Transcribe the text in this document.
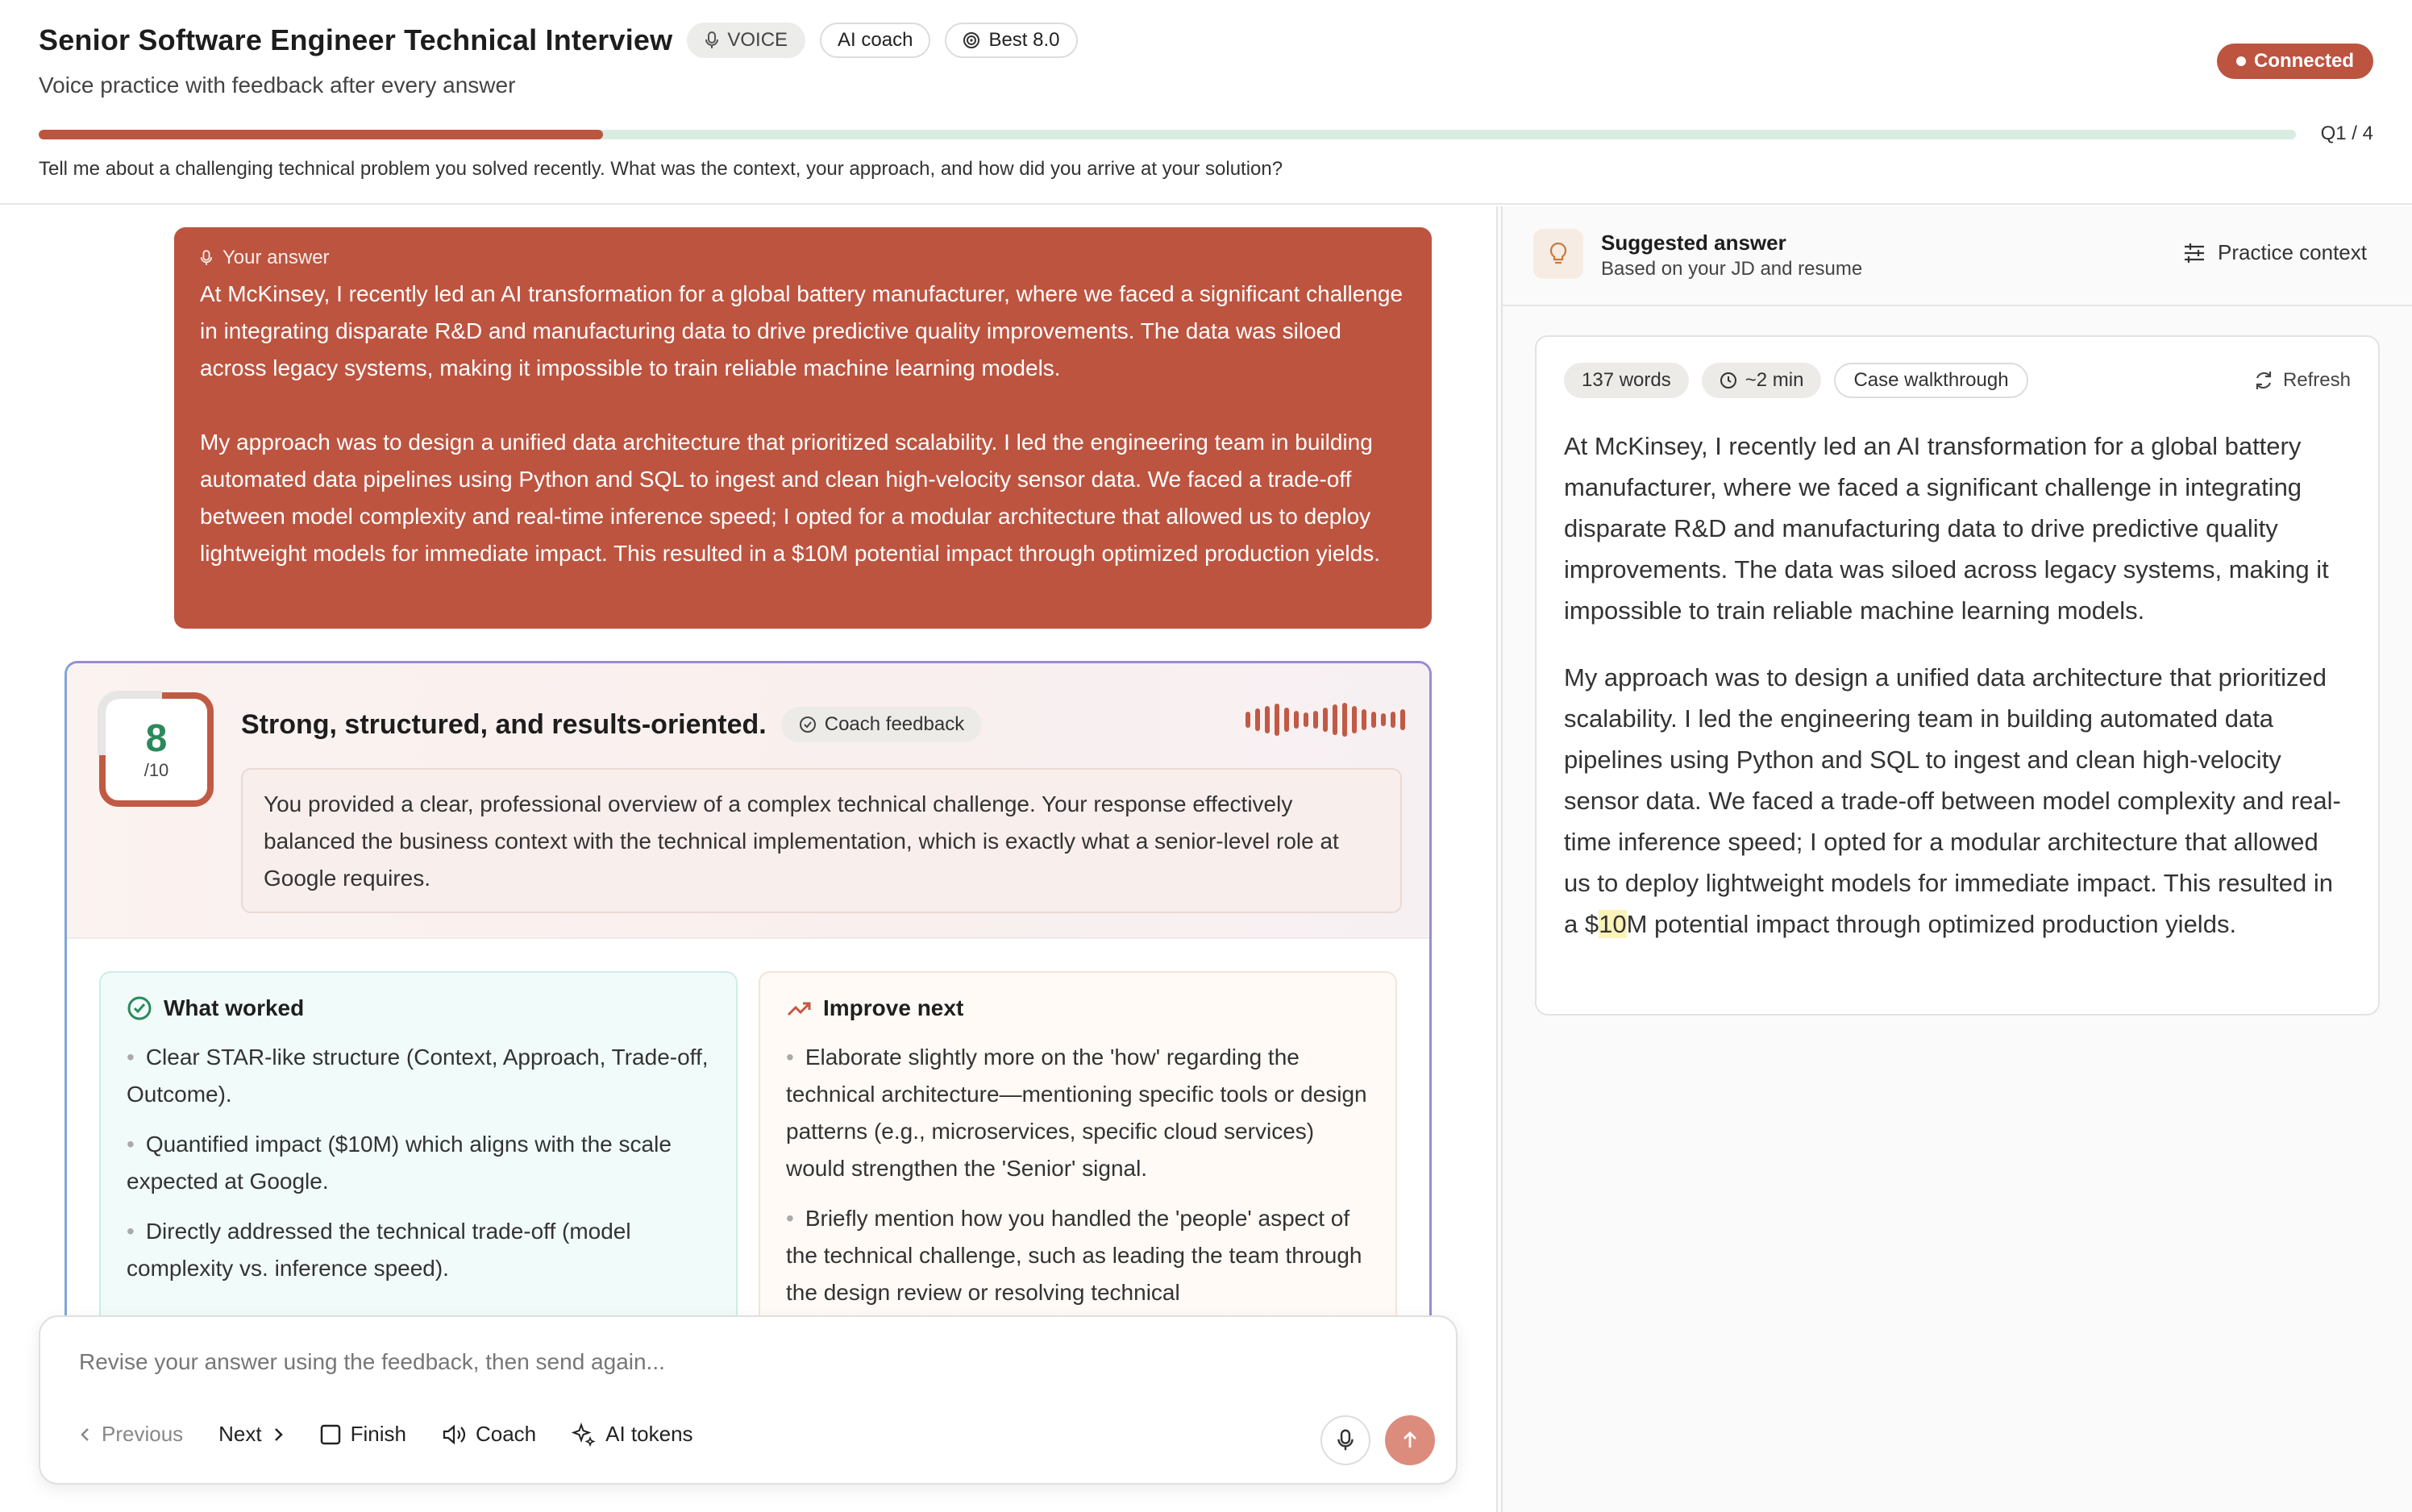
Senior Software Engineer Technical Interview	VOICE	AI coach	Best 8.0
Voice practice with feedback after every answer
Connected
Q1 / 4
Tell me about a challenging technical problem you solved recently. What was the context, your approach, and how did you arrive at your solution?
Your answer
At McKinsey, I recently led an AI transformation for a global battery manufacturer, where we faced a significant challenge in integrating disparate R&D and manufacturing data to drive predictive quality improvements. The data was siloed across legacy systems, making it impossible to train reliable machine learning models.

My approach was to design a unified data architecture that prioritized scalability. I led the engineering team in building automated data pipelines using Python and SQL to ingest and clean high-velocity sensor data. We faced a trade-off between model complexity and real-time inference speed; I opted for a modular architecture that allowed us to deploy lightweight models for immediate impact. This resulted in a $10M potential impact through optimized production yields.
8
/10
Strong, structured, and results-oriented.	Coach feedback
You provided a clear, professional overview of a complex technical challenge. Your response effectively balanced the business context with the technical implementation, which is exactly what a senior-level role at Google requires.
What worked
• Clear STAR-like structure (Context, Approach, Trade-off, Outcome).
• Quantified impact ($10M) which aligns with the scale expected at Google.
• Directly addressed the technical trade-off (model complexity vs. inference speed).
Improve next
• Elaborate slightly more on the 'how' regarding the technical architecture—mentioning specific tools or design patterns (e.g., microservices, specific cloud services) would strengthen the 'Senior' signal.
• Briefly mention how you handled the 'people' aspect of the technical challenge, such as leading the team through the design review or resolving technical
Revise your answer using the feedback, then send again...
Previous Next	Finish	Coach	AI tokens
Suggested answer
Based on your JD and resume
Practice context
137 words	~2 min	Case walkthrough	Refresh

At McKinsey, I recently led an AI transformation for a global battery manufacturer, where we faced a significant challenge in integrating disparate R&D and manufacturing data to drive predictive quality improvements. The data was siloed across legacy systems, making it impossible to train reliable machine learning models.

My approach was to design a unified data architecture that prioritized scalability. I led the engineering team in building automated data pipelines using Python and SQL to ingest and clean high-velocity sensor data. We faced a trade-off between model complexity and real-time inference speed; I opted for a modular architecture that allowed us to deploy lightweight models for immediate impact. This resulted in a $10M potential impact through optimized production yields.
